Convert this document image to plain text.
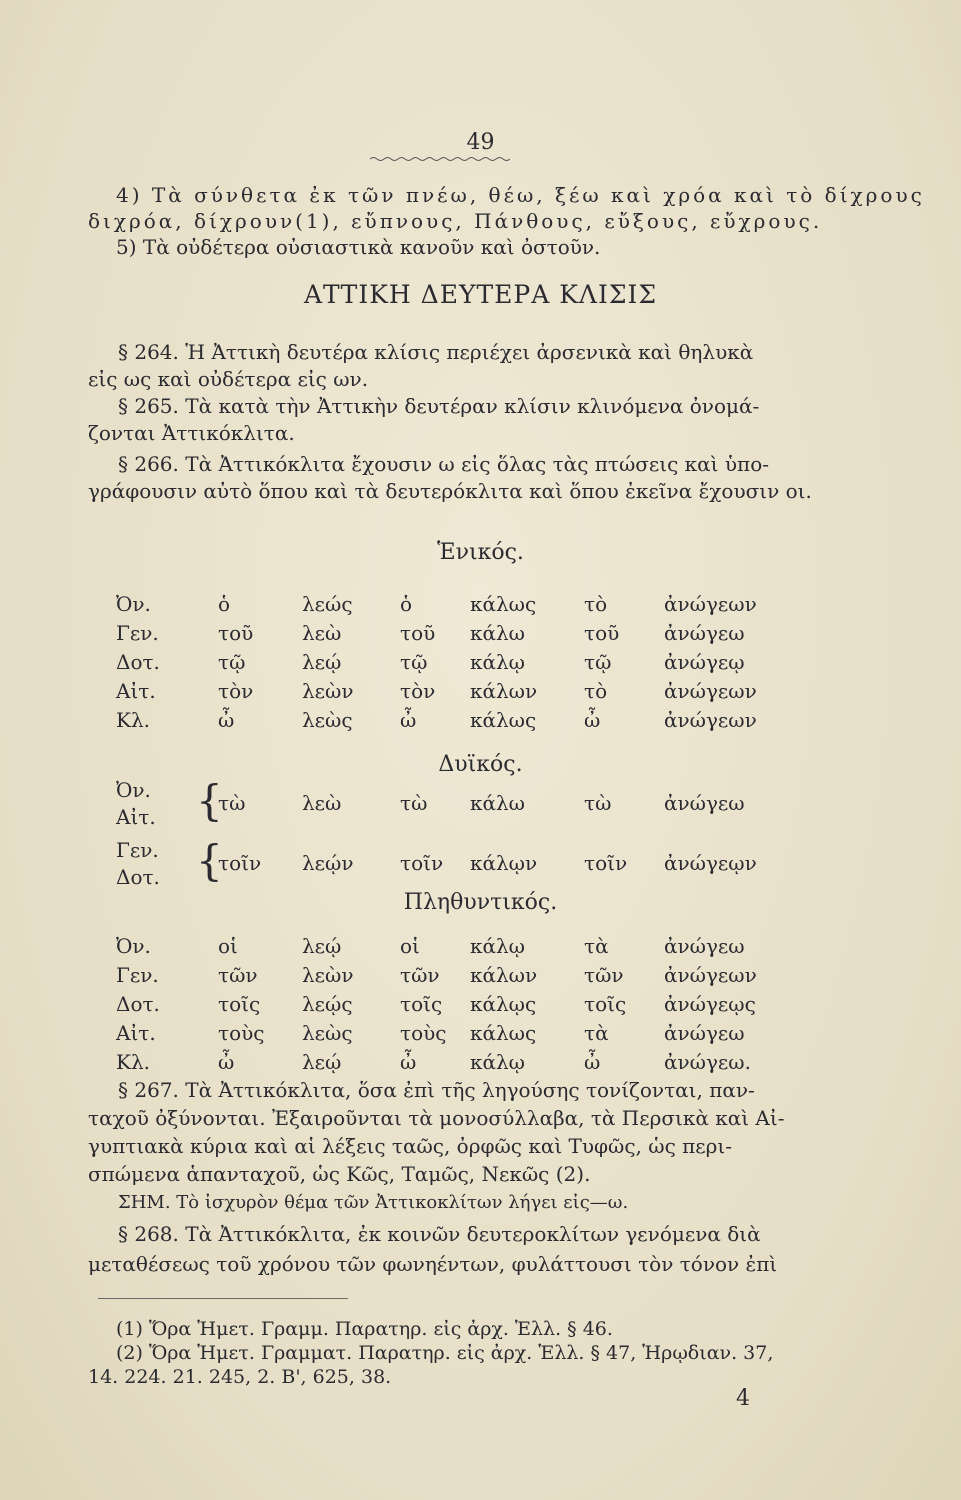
49
4) Τὰ σύνθετα ἐκ τῶν πνέω, θέω, ξέω καὶ χρόα καὶ τὸ δίχρους
διχρόα, δίχρουν(1), εὔπνους, Πάνθους, εὔξους, εὔχρους.
5) Τὰ οὐδέτερα οὐσιαστικὰ κανοῦν καὶ ὀστοῦν.
ΑΤΤΙΚΗ ΔΕΥΤΕΡΑ ΚΛΙΣΙΣ
§ 264. Ἡ Ἀττικὴ δευτέρα κλίσις περιέχει ἀρσενικὰ καὶ θηλυκὰ
εἰς ως καὶ οὐδέτερα εἰς ων.
§ 265. Τὰ κατὰ τὴν Ἀττικὴν δευτέραν κλίσιν κλινόμενα ὀνομά-
ζονται Ἀττικόκλιτα.
§ 266. Τὰ Ἀττικόκλιτα ἔχουσιν ω εἰς ὅλας τὰς πτώσεις καὶ ὑπο-
γράφουσιν αὐτὸ ὅπου καὶ τὰ δευτερόκλιτα καὶ ὅπου ἐκεῖνα ἔχουσιν οι.
Ἑνικός.
Ὀν.	ὁ	λεώς ὁ	κάλως τὸ	ἀνώγεων
Γεν.	τοῦ λεὼ	τοῦ κάλω	τοῦ ἀνώγεω
Δοτ.	τῷ	λεῴ	τῷ κάλῳ	τῷ	ἀνώγεῳ
Αἰτ.	τὸν λεὼν τὸν κάλων τὸ	ἀνώγεων
Κλ.	ὦ	λεὼς ὦ	κάλως ὦ	ἀνώγεων
Δυϊκός.
Ὀν.
Αἰτ. {
τὼ	λεὼ	τὼ κάλω	τὼ	ἀνώγεω
Γεν.
Δοτ. {
τοῖν λεῴν τοῖν κάλῳν τοῖν ἀνώγεῳν
Πληθυντικός.
Ὀν.	οἱ	λεῴ	οἱ	κάλῳ	τὰ	ἀνώγεω
Γεν.	τῶν λεὼν τῶν κάλων τῶν ἀνώγεων
Δοτ.	τοῖς λεῴς τοῖς κάλῳς τοῖς ἀνώγεῳς
Αἰτ.	τοὺς λεὼς τοὺς κάλως τὰ	ἀνώγεω
Κλ.	ὦ	λεῴ	ὦ	κάλῳ	ὦ	ἀνώγεω.
§ 267. Τὰ Ἀττικόκλιτα, ὅσα ἐπὶ τῆς ληγούσης τονίζονται, παν-
ταχοῦ ὀξύνονται. Ἐξαιροῦνται τὰ μονοσύλλαβα, τὰ Περσικὰ καὶ Αἰ-
γυπτιακὰ κύρια καὶ αἱ λέξεις ταῶς, ὀρφῶς καὶ Τυφῶς, ὡς περι-
σπώμενα ἁπανταχοῦ, ὡς Κῶς, Ταμῶς, Νεκῶς (2).
ΣΗΜ. Τὸ ἰσχυρὸν θέμα τῶν Ἀττικοκλίτων λήγει εἰς—ω.
§ 268. Τὰ Ἀττικόκλιτα, ἐκ κοινῶν δευτεροκλίτων γενόμενα διὰ
μεταθέσεως τοῦ χρόνου τῶν φωνηέντων, φυλάττουσι τὸν τόνον ἐπὶ
(1) Ὅρα Ἡμετ. Γραμμ. Παρατηρ. εἰς ἀρχ. Ἑλλ. § 46.
(2) Ὅρα Ἡμετ. Γραμματ. Παρατηρ. εἰς ἀρχ. Ἑλλ. § 47, Ἡρῳδιαν. 37,
14. 224. 21. 245, 2. Β', 625, 38.
4
